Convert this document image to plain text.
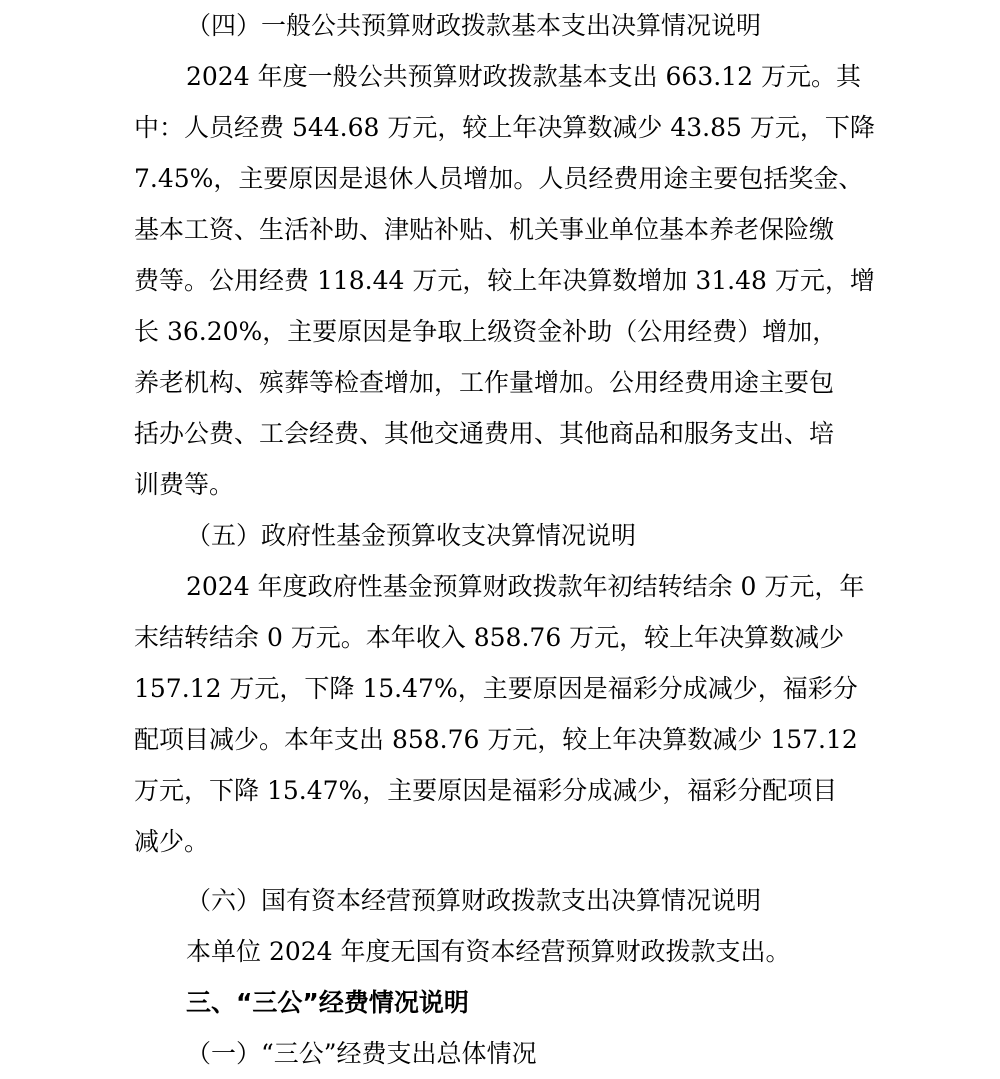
（四）一般公共预算财政拨款基本支出决算情况说明
2024 年度一般公共预算财政拨款基本支出 663.12 万元。其
中：人员经费 544.68 万元，较上年决算数减少 43.85 万元，下降
7.45%，主要原因是退休人员增加。人员经费用途主要包括奖金、
基本工资、生活补助、津贴补贴、机关事业单位基本养老保险缴
费等。公用经费 118.44 万元，较上年决算数增加 31.48 万元，增
长 36.20%，主要原因是争取上级资金补助（公用经费）增加，
养老机构、殡葬等检查增加，工作量增加。公用经费用途主要包
括办公费、工会经费、其他交通费用、其他商品和服务支出、培
训费等。
（五）政府性基金预算收支决算情况说明
2024 年度政府性基金预算财政拨款年初结转结余 0 万元，年
末结转结余 0 万元。本年收入 858.76 万元，较上年决算数减少
157.12 万元，下降 15.47%，主要原因是福彩分成减少，福彩分
配项目减少。本年支出 858.76 万元，较上年决算数减少 157.12
万元，下降 15.47%，主要原因是福彩分成减少，福彩分配项目
减少。
（六）国有资本经营预算财政拨款支出决算情况说明
本单位 2024 年度无国有资本经营预算财政拨款支出。
三、“三公”经费情况说明
（一）“三公”经费支出总体情况
